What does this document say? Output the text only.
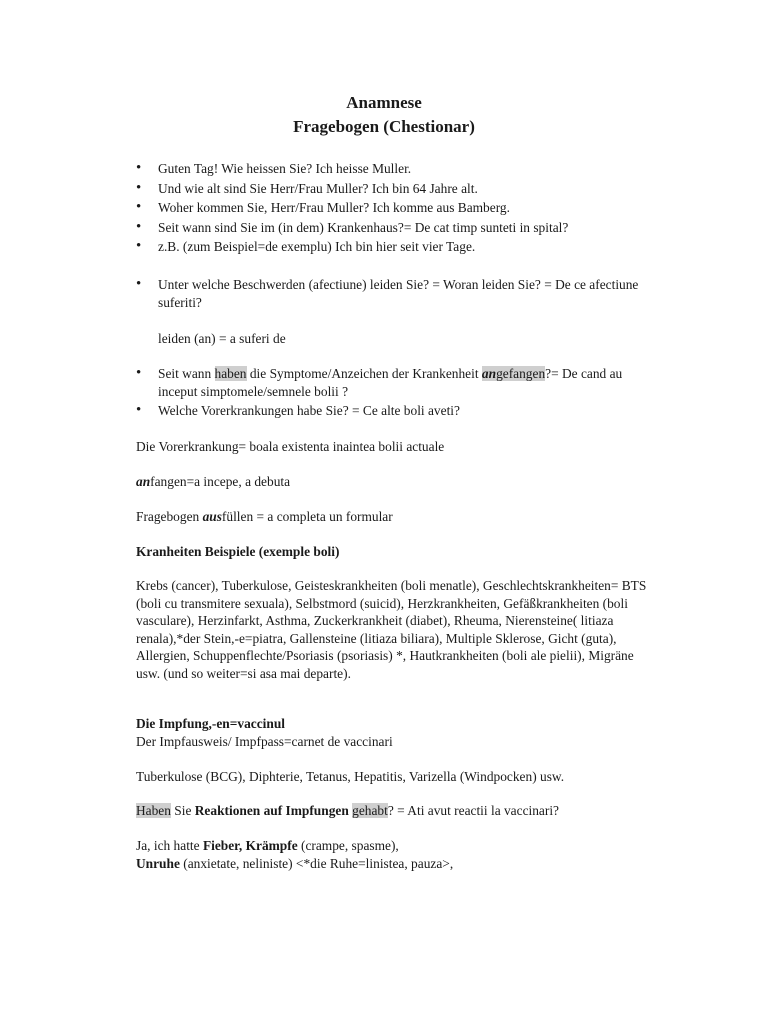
Anamnese
Fragebogen (Chestionar)
• Guten Tag! Wie heissen Sie? Ich heisse Muller.
• Und wie alt sind Sie Herr/Frau Muller? Ich bin 64 Jahre alt.
• Woher kommen Sie, Herr/Frau Muller? Ich komme aus Bamberg.
• Seit wann sind Sie im (in dem) Krankenhaus?= De cat timp sunteti in spital?
• z.B. (zum Beispiel=de exemplu) Ich bin hier seit vier Tage.
• Unter welche Beschwerden (afectiune) leiden Sie? = Woran leiden Sie? = De ce afectiune suferiti?
leiden (an) = a suferi de
• Seit wann haben die Symptome/Anzeichen der Krankenheit angefangen?= De cand au inceput simptomele/semnele bolii ?
• Welche Vorerkrankungen habe Sie? = Ce alte boli aveti?
Die Vorerkrankung= boala existenta inaintea bolii actuale
anfangen=a incepe, a debuta
Fragebogen ausfüllen = a completa un formular
Kranheiten Beispiele (exemple boli)
Krebs (cancer), Tuberkulose, Geisteskrankheiten (boli menatle), Geschlechtskrankheiten= BTS (boli cu transmitere sexuala), Selbstmord (suicid), Herzkrankheiten, Gefäßkrankheiten (boli vasculare), Herzinfarkt, Asthma, Zuckerkrankheit (diabet), Rheuma, Nierensteine( litiaza renala),*der Stein,-e=piatra, Gallensteine (litiaza biliara), Multiple Sklerose, Gicht (guta), Allergien, Schuppenflechte/Psoriasis (psoriasis) *, Hautkrankheiten (boli ale pielii), Migräne usw. (und so weiter=si asa mai departe).
Die Impfung,-en=vaccinul
Der Impfausweis/ Impfpass=carnet de vaccinari
Tuberkulose (BCG), Diphterie, Tetanus, Hepatitis, Varizella (Windpocken) usw.
Haben Sie Reaktionen auf Impfungen gehabt? = Ati avut reactii la vaccinari?
Ja, ich hatte Fieber, Krämpfe (crampe, spasme),
Unruhe (anxietate, neliniste) <*die Ruhe=linistea, pauza>,
